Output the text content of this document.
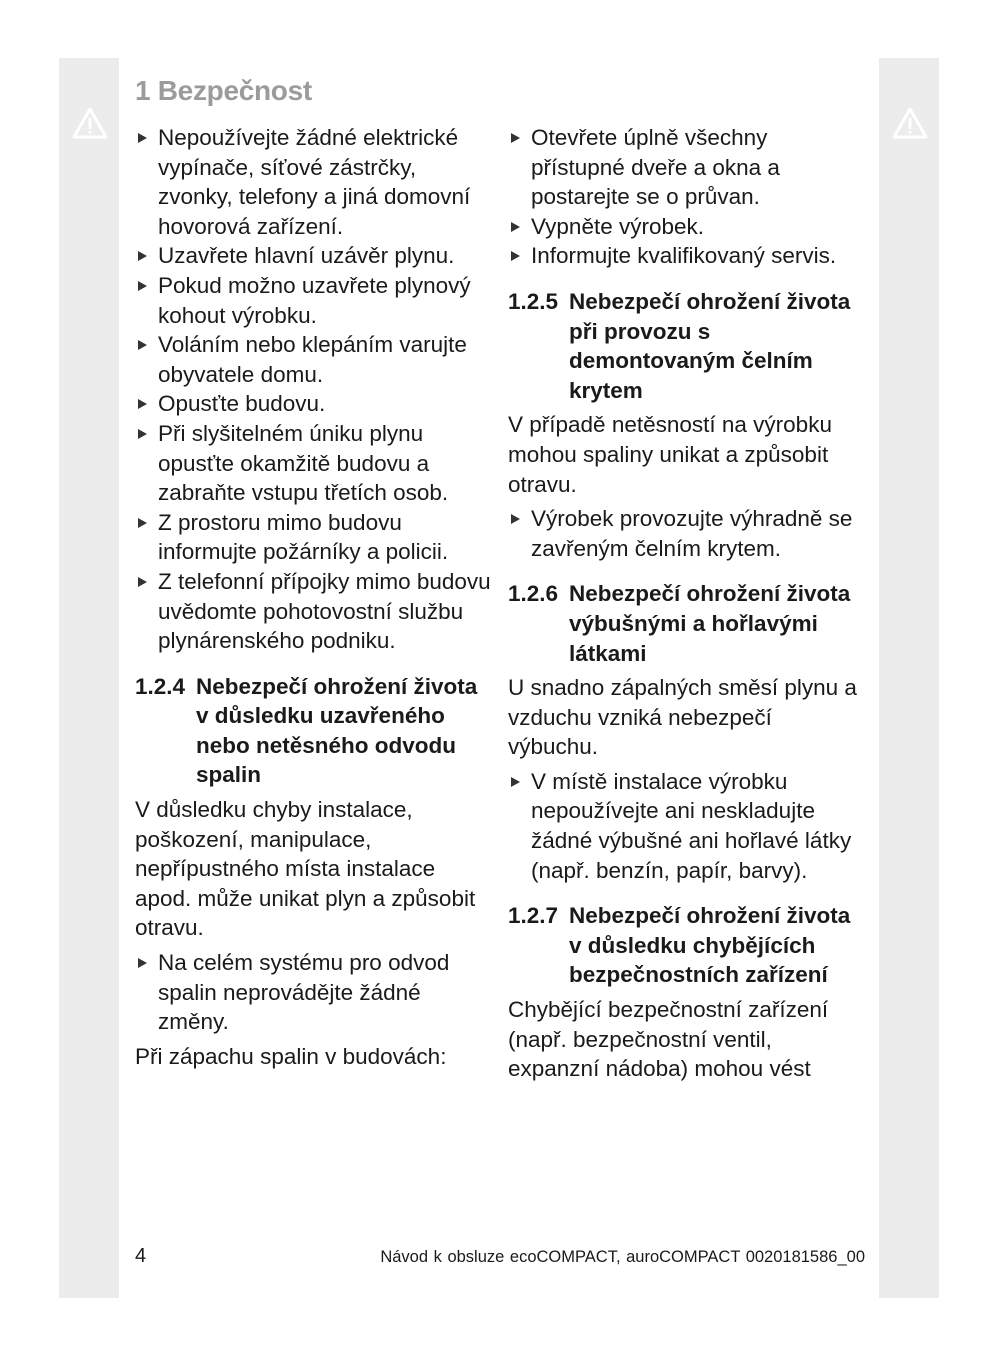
1 Bezpečnost
Nepoužívejte žádné elektrické vypínače, síťové zástrčky, zvonky, telefony a jiná domovní hovorová zařízení.
Uzavřete hlavní uzávěr plynu.
Pokud možno uzavřete plynový kohout výrobku.
Voláním nebo klepáním varujte obyvatele domu.
Opusťte budovu.
Při slyšitelném úniku plynu opusťte okamžitě budovu a zabraňte vstupu třetích osob.
Z prostoru mimo budovu informujte požárníky a policii.
Z telefonní přípojky mimo budovu uvědomte pohotovostní službu plynárenského podniku.
1.2.4 Nebezpečí ohrožení života v důsledku uzavřeného nebo netěsného odvodu spalin

V důsledku chyby instalace, poškození, manipulace, nepřípustného místa instalace apod. může unikat plyn a způsobit otravu.

Na celém systému pro odvod spalin neprovádějte žádné změny.

Při zápachu spalin v budovách:

Otevřete úplně všechny přístupné dveře a okna a postarejte se o průvan.
Vypněte výrobek.
Informujte kvalifikovaný servis.
1.2.5 Nebezpečí ohrožení života při provozu s demontovaným čelním krytem

V případě netěsností na výrobku mohou spaliny unikat a způsobit otravu.

Výrobek provozujte výhradně se zavřeným čelním krytem.
1.2.6 Nebezpečí ohrožení života výbušnými a hořlavými látkami

U snadno zápalných směsí plynu a vzduchu vzniká nebezpečí výbuchu.

V místě instalace výrobku nepoužívejte ani neskladujte žádné výbušné ani hořlavé látky (např. benzín, papír, barvy).
1.2.7 Nebezpečí ohrožení života v důsledku chybějících bezpečnostních zařízení

Chybějící bezpečnostní zařízení (např. bezpečnostní ventil, expanzní nádoba) mohou vést

4	Návod k obsluze ecoCOMPACT, auroCOMPACT 0020181586_00
